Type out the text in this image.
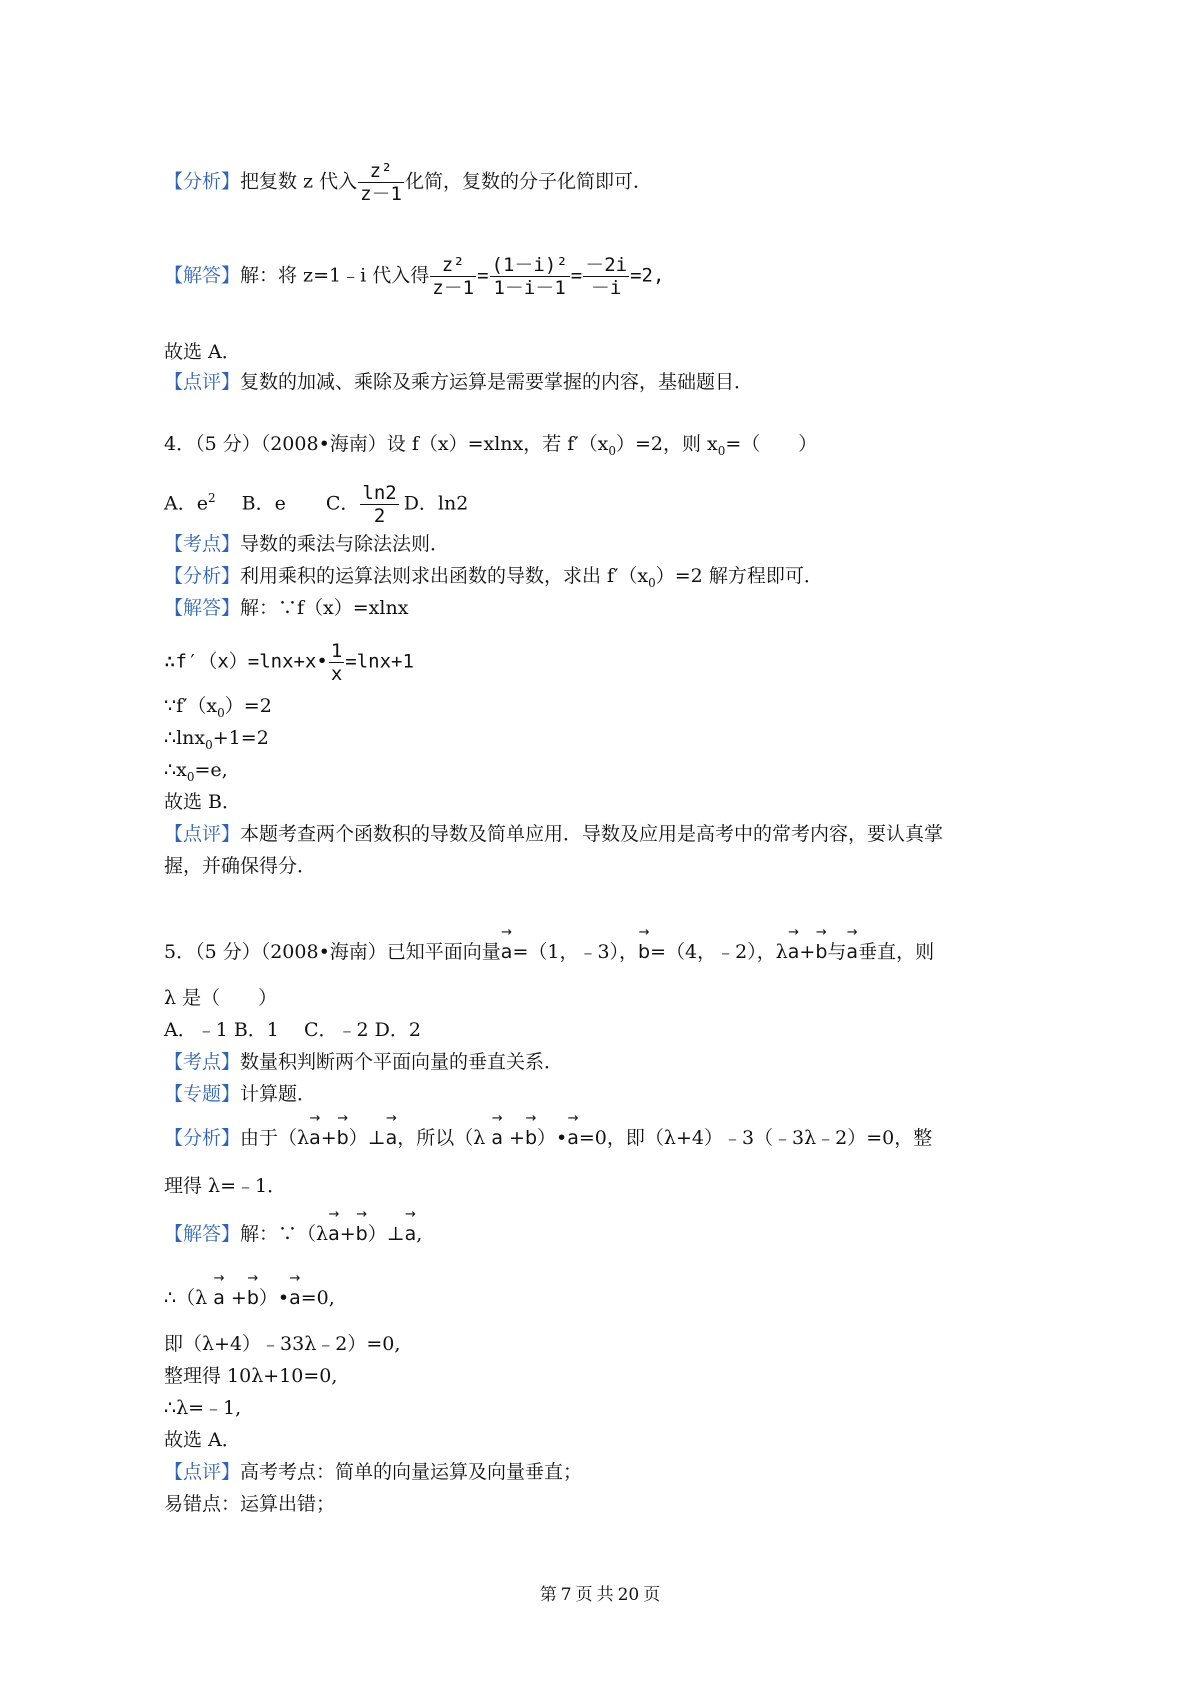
【分析】把复数 z 代入 $\frac{\text{z²}}{z-1}$ 化简，复数的分子化简即可．
【解答】解：将 z=1﹣i 代入得 $\frac{\text{z²}}{z-1} = \frac{\text{(1－i)²}}{1-i-1} = \frac{-2i}{-i} =2$,
故选 A．
【点评】复数的加减、乘除及乘方运算是需要掌握的内容，基础题目．
4．（5 分）（2008•海南）设 f（x）=xlnx，若 $f'(x_0)=2$，则 $x_0=$（　　）
A．$e^2$ B．e C． $\frac{\ln 2}{2}$ D．ln2
【考点】导数的乘法与除法法则．
【分析】利用乘积的运算法则求出函数的导数，求出 $f'(x_0)=2$ 解方程即可．
【解答】解：∵f（x）=xlnx
∴f′（x）=lnx+x• $\frac{1}{x} =\ln x+1$
$\because f'(x_0)=2$
∴lnx$_0$+1=2
$\therefore x_0=e$,
故选 B．
【点评】本题考查两个函数积的导数及简单应用．导数及应用是高考中的常考内容，要认真掌
握，并确保得分．
5．（5 分）（2008•海南）已知平面向量
→
a=（1，﹣3），
→
b=（4，﹣2），λ
→
a+
→
b与
→
a垂直，则
λ 是（　　）
A．﹣1 B．1　 C．﹣2 D．2
【考点】数量积判断两个平面向量的垂直关系．
【专题】计算题．
【分析】由于（λ
→
a+
→
b）⊥
→
a，所以（λ
→
a +
→
b）•
→
a=0，即（λ+4）﹣3（﹣3λ﹣2）=0，整
理得 λ=﹣1．
【解答】解：∵（λ
→
a+
→
b）⊥
→
a,
∴（λ
→
a +
→
b）•
→
a=0,
即（λ+4）﹣33λ﹣2）=0,
整理得 10λ+10=0,
∴λ=﹣1,
故选 A．
【点评】高考考点：简单的向量运算及向量垂直；
易错点：运算出错；
第 7 页 共 20 页
